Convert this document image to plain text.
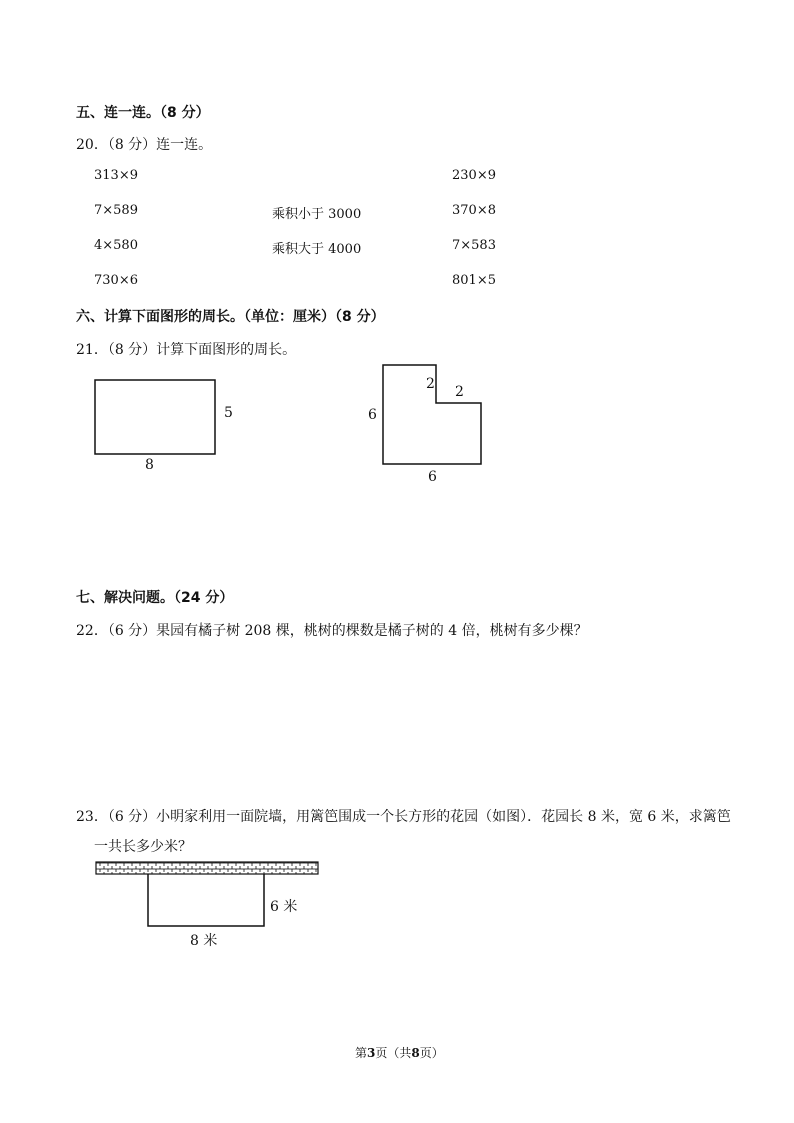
五、连一连。（8 分）
20．（8 分）连一连。
313×9
7×589
4×580
730×6
乘积小于 3000
乘积大于 4000
230×9
370×8
7×583
801×5
六、计算下面图形的周长。（单位：厘米）（8 分）
21．（8 分）计算下面图形的周长。
5
8
6
6
2 2
七、解决问题。（24 分）
22．（6 分）果园有橘子树 208 棵，桃树的棵数是橘子树的 4 倍，桃树有多少棵？
23．（6 分）小明家利用一面院墙，用篱笆围成一个长方形的花园（如图）．花园长 8 米，宽 6 米，求篱笆
一共长多少米？
6 米
8 米
第3页（共8页）
